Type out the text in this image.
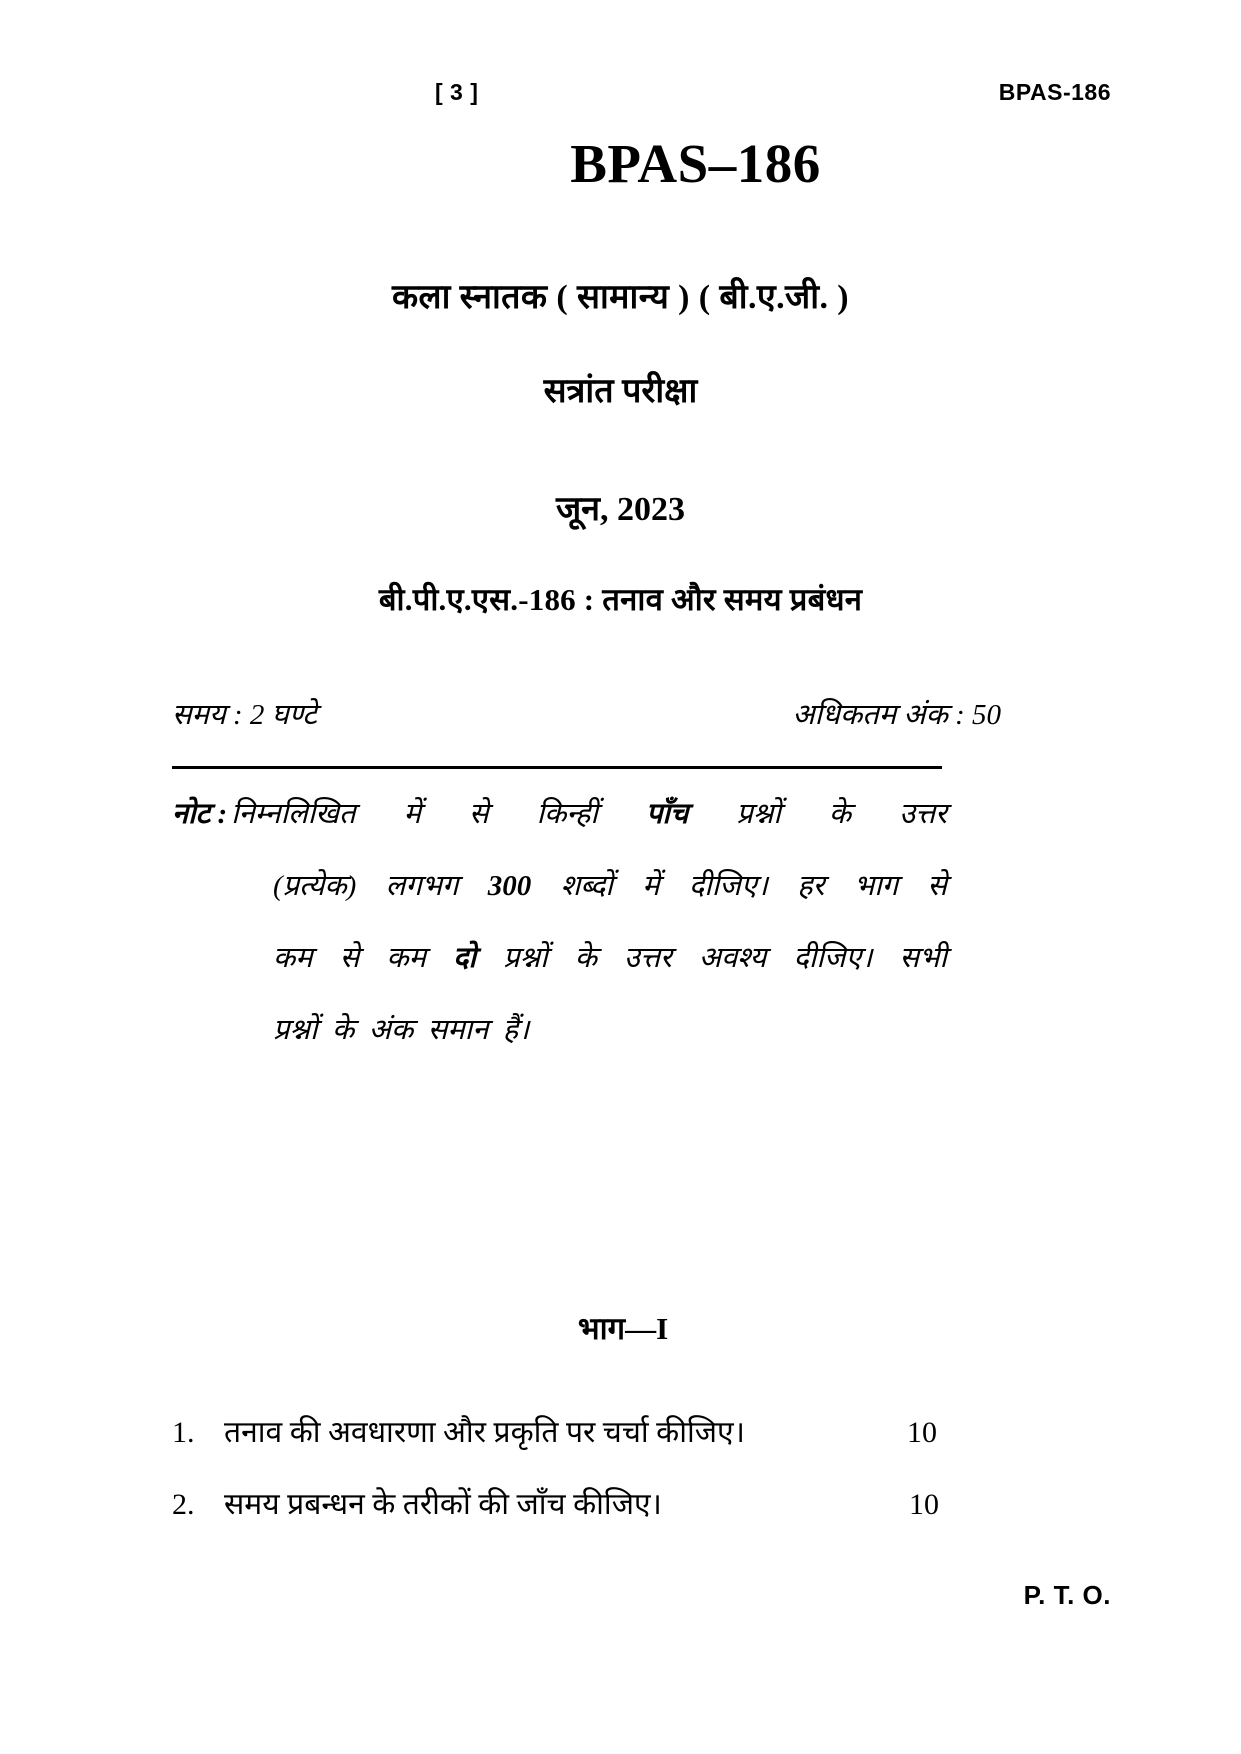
[ 3 ]	BPAS-186
BPAS–186
कला स्नातक ( सामान्य ) ( बी.ए.जी. )
सत्रांत परीक्षा
जून, 2023
बी.पी.ए.एस.-186 : तनाव और समय प्रबंधन
समय : 2 घण्टे	अधिकतम अंक : 50
नोट : निम्नलिखित में से किन्हीं पाँच प्रश्नों के उत्तर
(प्रत्येक) लगभग 300 शब्दों में दीजिए। हर भाग से
कम से कम दो प्रश्नों के उत्तर अवश्य दीजिए। सभी
प्रश्नों
के
अंक
समान
हैं।
भाग—I
1. तनाव की अवधारणा और प्रकृति पर चर्चा कीजिए।	10
2. समय प्रबन्धन के तरीकों की जाँच कीजिए।	10
P. T. O.
